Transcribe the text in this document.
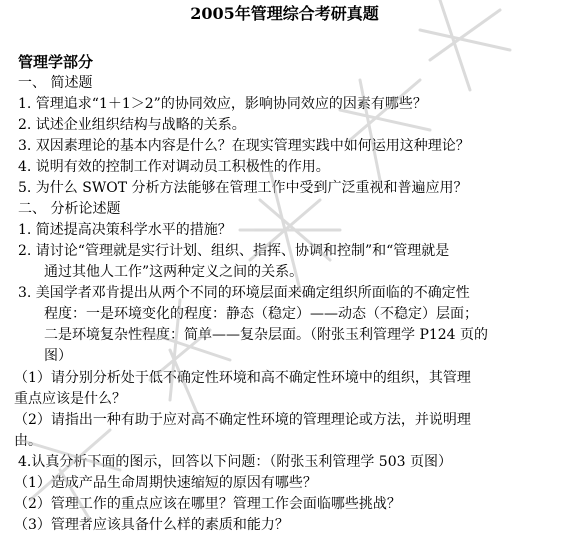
2005年管理综合考研真题
管理学部分
一、 简述题
1. 管理追求“1＋1＞2”的协同效应，影响协同效应的因素有哪些？
2. 试述企业组织结构与战略的关系。
3. 双因素理论的基本内容是什么？在现实管理实践中如何运用这种理论？
4. 说明有效的控制工作对调动员工积极性的作用。
5. 为什么 SWOT 分析方法能够在管理工作中受到广泛重视和普遍应用？
二、 分析论述题
1. 简述提高决策科学水平的措施？
2. 请讨论“管理就是实行计划、组织、指挥、协调和控制”和“管理就是
通过其他人工作”这两种定义之间的关系。
3. 美国学者邓肯提出从两个不同的环境层面来确定组织所面临的不确定性
程度：一是环境变化的程度：静态（稳定）——动态（不稳定）层面；
二是环境复杂性程度：简单——复杂层面。（附张玉利管理学 P124 页的
图）
（1）请分别分析处于低不确定性环境和高不确定性环境中的组织，其管理
重点应该是什么？
（2）请指出一种有助于应对高不确定性环境的管理理论或方法，并说明理
由。
4.认真分析下面的图示，回答以下问题：（附张玉利管理学 503 页图）
（1）造成产品生命周期快速缩短的原因有哪些？
（2）管理工作的重点应该在哪里？管理工作会面临哪些挑战？
（3）管理者应该具备什么样的素质和能力？
